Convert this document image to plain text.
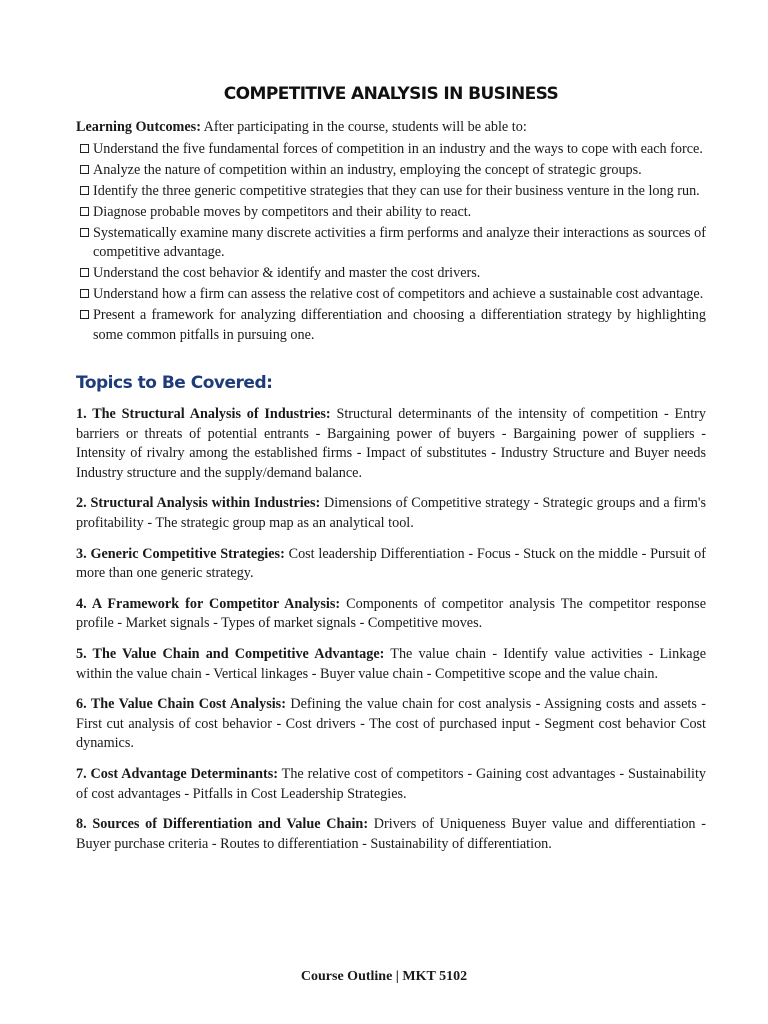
COMPETITIVE ANALYSIS IN BUSINESS

Learning Outcomes: After participating in the course, students will be able to:

Understand the five fundamental forces of competition in an industry and the ways to cope with each force.
Analyze the nature of competition within an industry, employing the concept of strategic groups.
Identify the three generic competitive strategies that they can use for their business venture in the long run.
Diagnose probable moves by competitors and their ability to react.
Systematically examine many discrete activities a firm performs and analyze their interactions as sources of competitive advantage.
Understand the cost behavior & identify and master the cost drivers.
Understand how a firm can assess the relative cost of competitors and achieve a sustainable cost advantage.
Present a framework for analyzing differentiation and choosing a differentiation strategy by highlighting some common pitfalls in pursuing one.
Topics to Be Covered:

1. The Structural Analysis of Industries: Structural determinants of the intensity of competition - Entry barriers or threats of potential entrants - Bargaining power of buyers - Bargaining power of suppliers - Intensity of rivalry among the established firms - Impact of substitutes - Industry Structure and Buyer needs Industry structure and the supply/demand balance.

2. Structural Analysis within Industries: Dimensions of Competitive strategy - Strategic groups and a firm's profitability - The strategic group map as an analytical tool.

3. Generic Competitive Strategies: Cost leadership Differentiation - Focus - Stuck on the middle - Pursuit of more than one generic strategy.

4. A Framework for Competitor Analysis: Components of competitor analysis The competitor response profile - Market signals - Types of market signals - Competitive moves.

5. The Value Chain and Competitive Advantage: The value chain - Identify value activities - Linkage within the value chain - Vertical linkages - Buyer value chain - Competitive scope and the value chain.

6. The Value Chain Cost Analysis: Defining the value chain for cost analysis - Assigning costs and assets - First cut analysis of cost behavior - Cost drivers - The cost of purchased input - Segment cost behavior Cost dynamics.

7. Cost Advantage Determinants: The relative cost of competitors - Gaining cost advantages - Sustainability of cost advantages - Pitfalls in Cost Leadership Strategies.

8. Sources of Differentiation and Value Chain: Drivers of Uniqueness Buyer value and differentiation - Buyer purchase criteria - Routes to differentiation - Sustainability of differentiation.

Course Outline | MKT 5102
